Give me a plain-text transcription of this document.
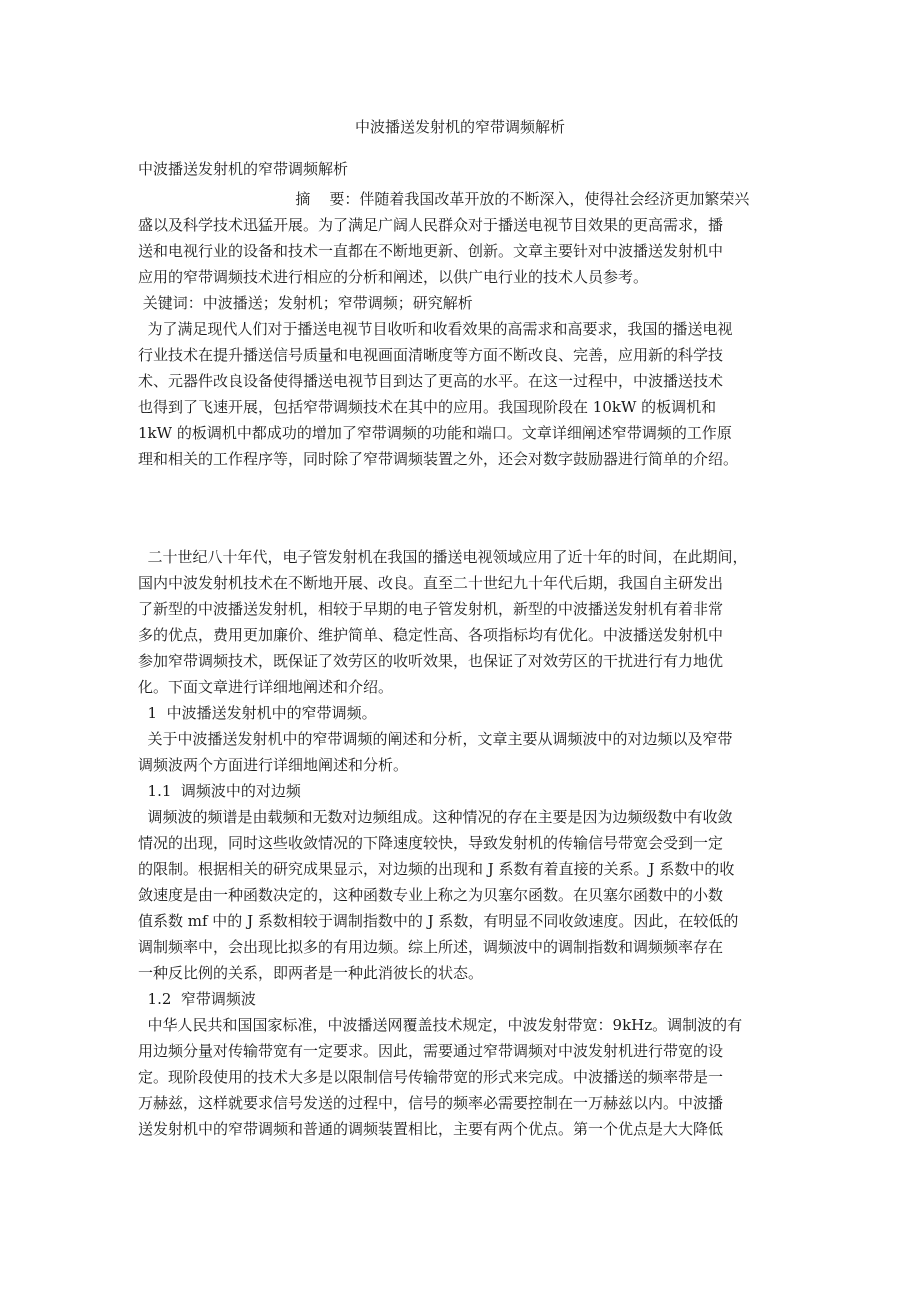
中波播送发射机的窄带调频解析
中波播送发射机的窄带调频解析
摘    要：伴随着我国改革开放的不断深入，使得社会经济更加繁荣兴
盛以及科学技术迅猛开展。为了满足广阔人民群众对于播送电视节目效果的更高需求，播
送和电视行业的设备和技术一直都在不断地更新、创新。文章主要针对中波播送发射机中
应用的窄带调频技术进行相应的分析和阐述，以供广电行业的技术人员参考。
关键词：中波播送；发射机；窄带调频；研究解析
为了满足现代人们对于播送电视节目收听和收看效果的高需求和高要求，我国的播送电视
行业技术在提升播送信号质量和电视画面清晰度等方面不断改良、完善，应用新的科学技
术、元器件改良设备使得播送电视节目到达了更高的水平。在这一过程中，中波播送技术
也得到了飞速开展，包括窄带调频技术在其中的应用。我国现阶段在 10kW 的板调机和
1kW 的板调机中都成功的增加了窄带调频的功能和端口。文章详细阐述窄带调频的工作原
理和相关的工作程序等，同时除了窄带调频装置之外，还会对数字鼓励器进行简单的介绍。
二十世纪八十年代，电子管发射机在我国的播送电视领域应用了近十年的时间，在此期间，
国内中波发射机技术在不断地开展、改良。直至二十世纪九十年代后期，我国自主研发出
了新型的中波播送发射机，相较于早期的电子管发射机，新型的中波播送发射机有着非常
多的优点，费用更加廉价、维护简单、稳定性高、各项指标均有优化。中波播送发射机中
参加窄带调频技术，既保证了效劳区的收听效果，也保证了对效劳区的干扰进行有力地优
化。下面文章进行详细地阐述和介绍。
1  中波播送发射机中的窄带调频。
关于中波播送发射机中的窄带调频的阐述和分析，文章主要从调频波中的对边频以及窄带
调频波两个方面进行详细地阐述和分析。
1.1  调频波中的对边频
调频波的频谱是由载频和无数对边频组成。这种情况的存在主要是因为边频级数中有收敛
情况的出现，同时这些收敛情况的下降速度较快，导致发射机的传输信号带宽会受到一定
的限制。根据相关的研究成果显示，对边频的出现和 J 系数有着直接的关系。J 系数中的收
敛速度是由一种函数决定的，这种函数专业上称之为贝塞尔函数。在贝塞尔函数中的小数
值系数 mf 中的 J 系数相较于调制指数中的 J 系数，有明显不同收敛速度。因此，在较低的
调制频率中，会出现比拟多的有用边频。综上所述，调频波中的调制指数和调频频率存在
一种反比例的关系，即两者是一种此消彼长的状态。
1.2  窄带调频波
中华人民共和国国家标准，中波播送网覆盖技术规定，中波发射带宽：9kHz。调制波的有
用边频分量对传输带宽有一定要求。因此，需要通过窄带调频对中波发射机进行带宽的设
定。现阶段使用的技术大多是以限制信号传输带宽的形式来完成。中波播送的频率带是一
万赫兹，这样就要求信号发送的过程中，信号的频率必需要控制在一万赫兹以内。中波播
送发射机中的窄带调频和普通的调频装置相比，主要有两个优点。第一个优点是大大降低
